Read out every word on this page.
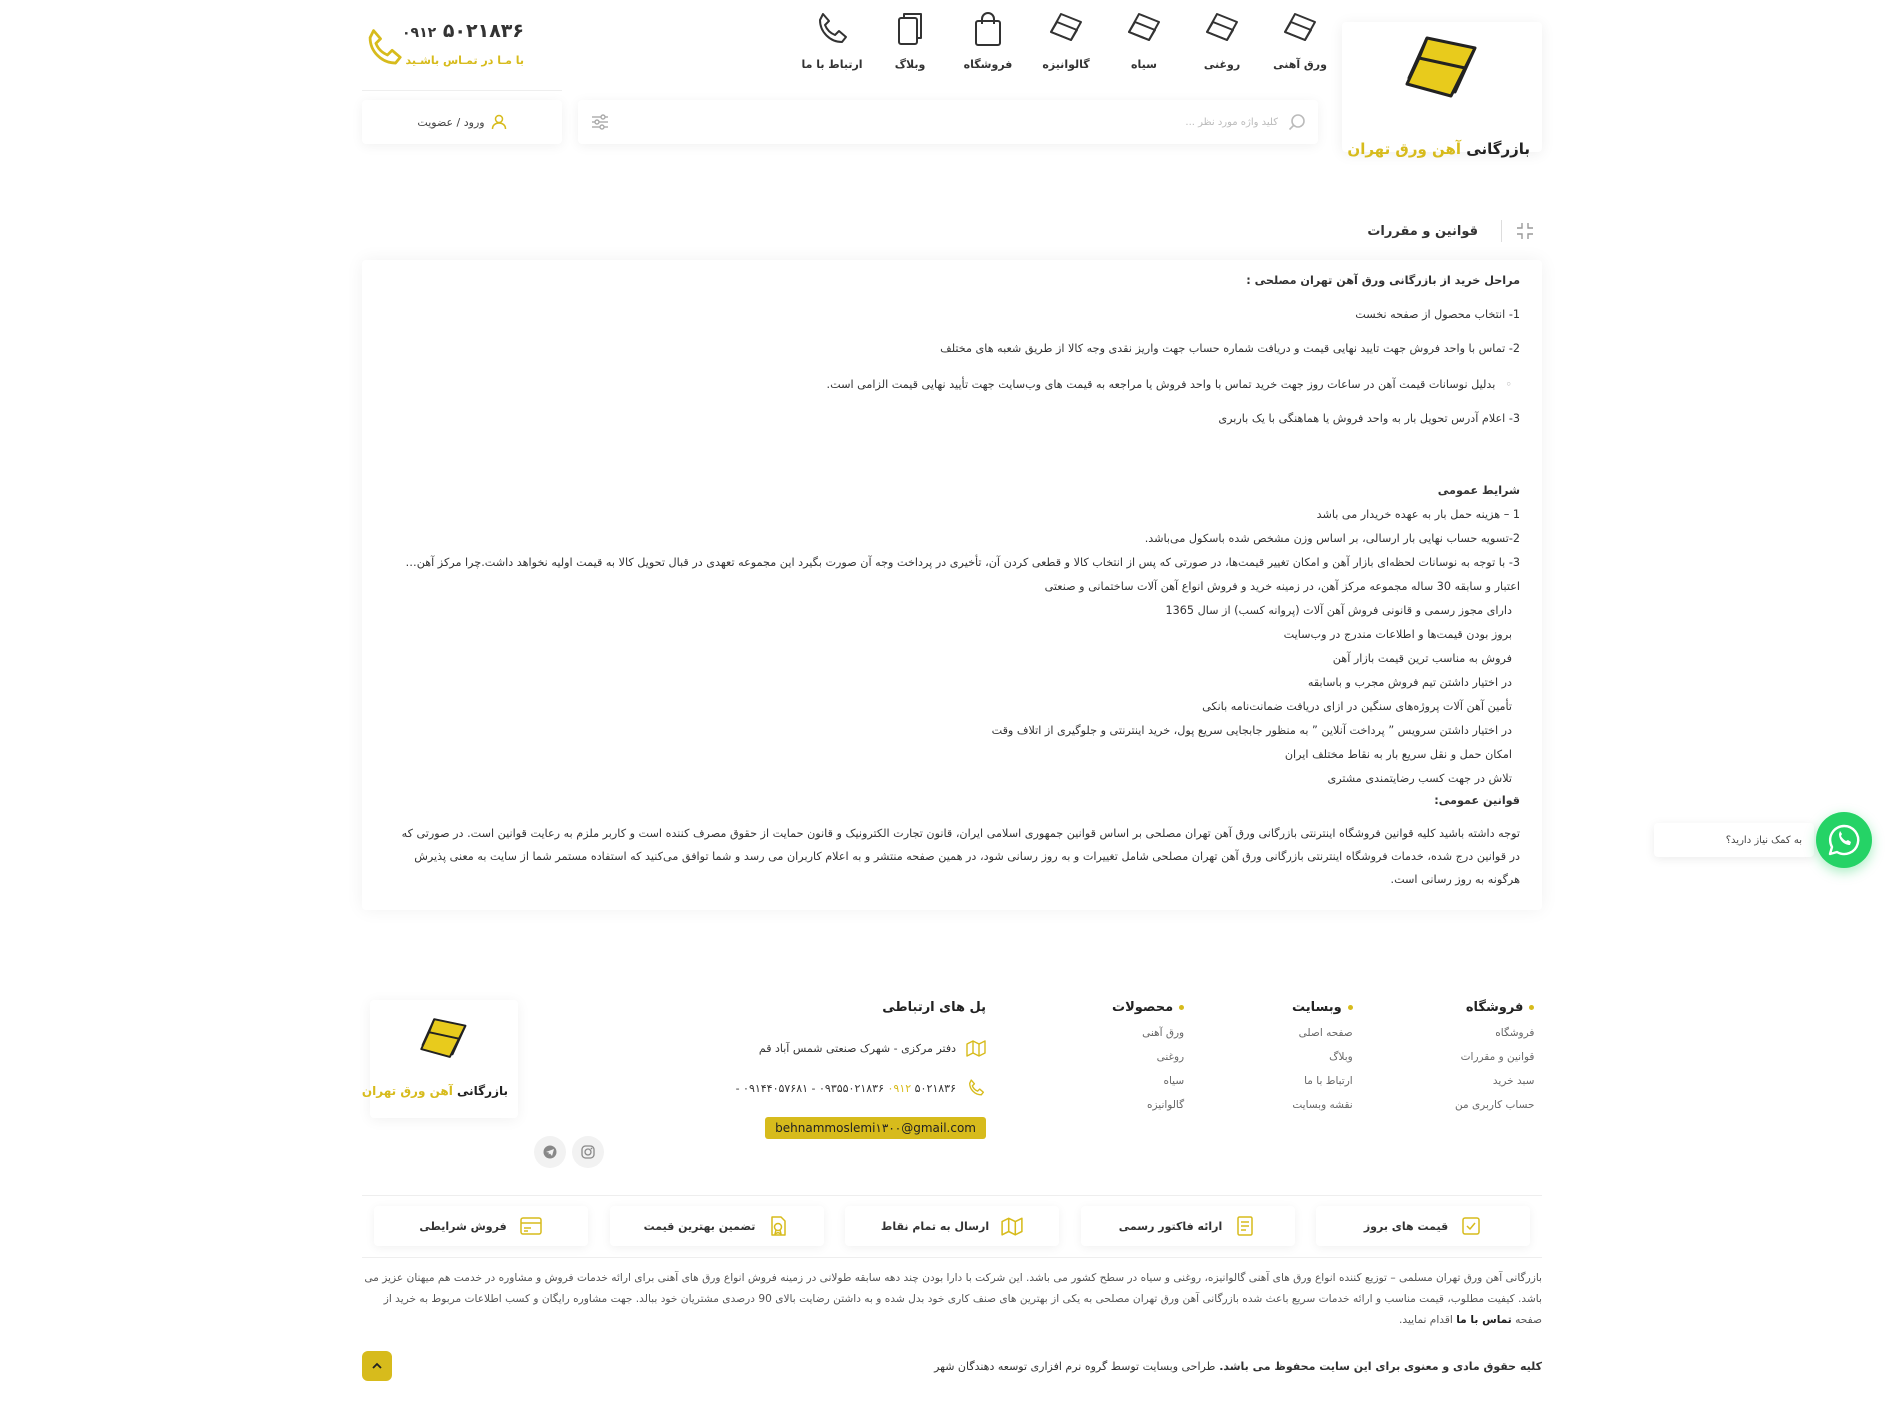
بازرگانی آهن ورق تهران
ورق آهنی
روغنی
سیاه
گالوانیزه
فروشگاه
وبلاگ
ارتباط با ما
۰۹۱۲ ۵۰۲۱۸۳۶
با مـا در تمـاس باشـید
کلید واژه مورد نظر ...
ورود / عضویت
قوانین و مقررات
مراحل خرید از بازرگانی ورق آهن تهران مصلحی :
1- انتخاب محصول از صفحه نخست
2- تماس با واحد فروش جهت تایید نهایی قیمت و دریافت شماره حساب جهت واریز نقدی وجه کالا از طریق شعبه های مختلف
◦ بدلیل نوسانات قیمت آهن در ساعات روز جهت خرید تماس با واحد فروش یا مراجعه به قیمت های وب‌سایت جهت تأیید نهایی قیمت الزامی است.
3- اعلام آدرس تحویل بار به واحد فروش یا هماهنگی با یک باربری
شرایط عمومی
1 – هزینه حمل بار به عهده خریدار می باشد
2-تسویه حساب نهایی بار ارسالی، بر اساس وزن مشخص شده باسکول می‌باشد.
3- با توجه به نوسانات لحظه‌ای بازار آهن و امکان تغییر قیمت‌ها، در صورتی که پس از انتخاب کالا و قطعی کردن آن، تأخیری در پرداخت وجه آن صورت بگیرد این مجموعه تعهدی در قبال تحویل کالا به قیمت اولیه نخواهد داشت.چرا مرکز آهن…
اعتبار و سابقه 30 ساله مجموعه مرکز آهن، در زمینه خرید و فروش انواع آهن آلات ساختمانی و صنعتی
دارای مجوز رسمی و قانونی فروش آهن آلات (پروانه کسب) از سال 1365
بروز بودن قیمت‌ها و اطلاعات مندرج در وب‌سایت
فروش به مناسب ترین قیمت بازار آهن
در اختیار داشتن تیم فروش مجرب و باسابقه
تأمین آهن آلات پروژه‌های سنگین در ازای دریافت ضمانت‌نامه بانکی
در اختیار داشتن سرویس ” پرداخت آنلاین ” به منظور جابجایی سریع پول، خرید اینترنتی و جلوگیری از اتلاف وقت
امکان حمل و نقل سریع بار به نقاط مختلف ایران
تلاش در جهت کسب رضایتمندی مشتری
قوانین عمومی:
توجه داشته باشید کلیه قوانین فروشگاه اینترنتی بازرگانی ورق آهن تهران مصلحی بر اساس قوانین جمهوری اسلامی ایران، قانون تجارت الکترونیک و قانون حمایت از حقوق مصرف کننده است و کاربر ملزم به رعایت قوانین است. در صورتی که در قوانین درج شده، خدمات فروشگاه اینترنتی بازرگانی ورق آهن تهران مصلحی شامل تغییرات و به روز رسانی شود، در همین صفحه منتشر و به اعلام کاربران می رسد و شما توافق می‌کنید که استفاده مستمر شما از سایت به معنی پذیرش هرگونه به روز رسانی است.
به کمک نیاز دارید؟
فروشگاه
فروشگاه
قوانین و مقررات
سبد خرید
حساب کاربری من
وبسایت
صفحه اصلی
وبلاگ
ارتباط با ما
نقشه وبسایت
محصولات
ورق آهنی
روغنی
سیاه
گالوانیزه
پل های ارتباطی
دفتر مرکزی - شهرک صنعتی شمس آباد قم
- ۰۹۱۴۴۰۵۷۶۸۱ - ۰۹۳۵۵۰۲۱۸۳۶ ۰۹۱۲ ۵۰۲۱۸۳۶
behnammoslemi۱۳۰۰@gmail.com
بازرگانی آهن ورق تهران
قیمت های بروز
ارائه فاکتور رسمی
ارسال به تمام نقاط
تضمین بهترین قیمت
فروش شرایطی
بازرگانی آهن ورق تهران مسلمی – توزیع کننده انواع ورق های آهنی گالوانیزه، روغنی و سیاه در سطح کشور می باشد. این شرکت با دارا بودن چند دهه سابقه طولانی در زمینه فروش انواع ورق های آهنی برای ارائه خدمات فروش و مشاوره در خدمت هم میهنان عزیز می باشد. کیفیت مطلوب، قیمت مناسب و ارائه خدمات سریع باعث شده بازرگانی آهن ورق تهران مصلحی به یکی از بهترین های صنف کاری خود بدل شده و به داشتن رضایت بالای 90 درصدی مشتریان خود ببالد. جهت مشاوره رایگان و کسب اطلاعات مربوط به خرید از صفحه تماس با ما اقدام نمایید.
کلیه حقوق مادی و معنوی برای این سایت محفوظ می باشد. طراحی وبسایت توسط گروه نرم افزاری توسعه دهندگان شهر
